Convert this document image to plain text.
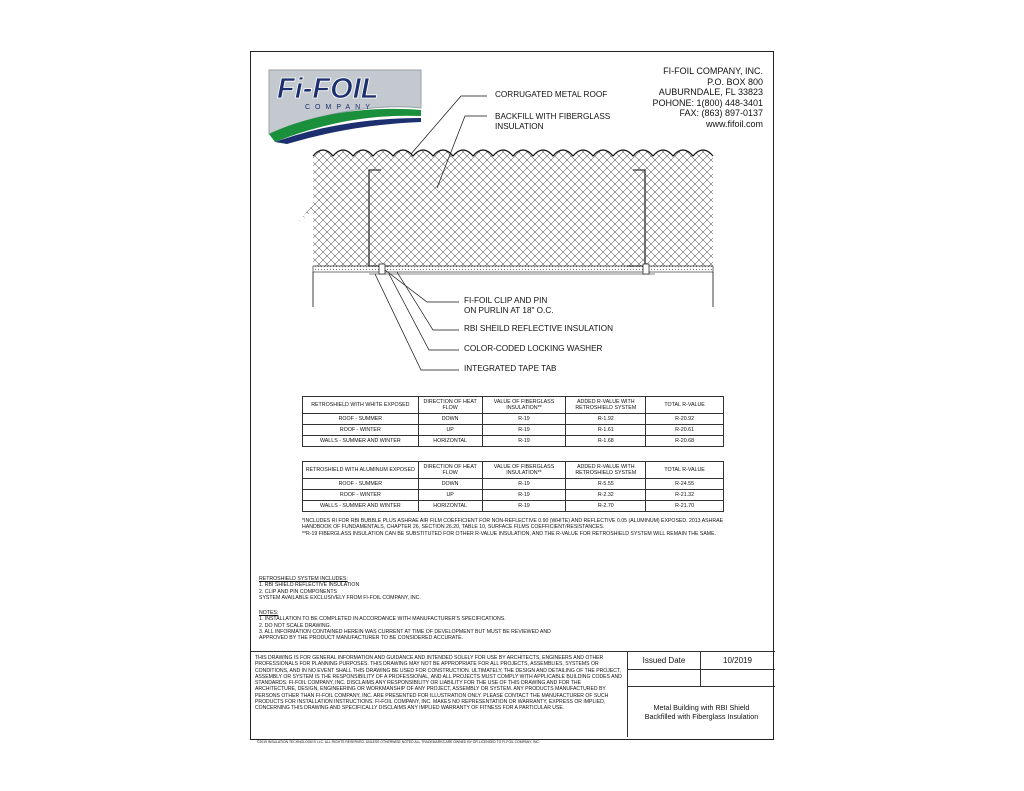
Fi-FOIL
COMPANY
FI-FOIL COMPANY, INC.
P.O. BOX 800
AUBURNDALE, FL 33823
POHONE: 1(800) 448-3401
FAX: (863) 897-0137
www.fifoil.com
CORRUGATED METAL ROOF
BACKFILL WITH FIBERGLASS
INSULATION
FI-FOIL CLIP AND PIN
ON PURLIN AT 18" O.C.
RBI SHEILD REFLECTIVE INSULATION
COLOR-CODED LOCKING WASHER
INTEGRATED TAPE TAB
RETROSHIELD WITH WHITE EXPOSED	DIRECTION OF HEAT FLOW	VALUE OF FIBERGLASS INSULATION**	ADDED R-VALUE WITH RETROSHIELD SYSTEM	TOTAL R-VALUE
ROOF - SUMMER	DOWN	R-19	R-1.92	R-20.92
ROOF - WINTER	UP	R-19	R-1.61	R-20.61
WALLS - SUMMER AND WINTER	HORIZONTAL	R-19	R-1.68	R-20.68
RETROSHIELD WITH ALUMINUM EXPOSED	DIRECTION OF HEAT FLOW	VALUE OF FIBERGLASS INSULATION**	ADDED R-VALUE WITH RETROSHIELD SYSTEM	TOTAL R-VALUE
ROOF - SUMMER	DOWN	R-19	R-5.55	R-24.55
ROOF - WINTER	UP	R-19	R-2.32	R-21.32
WALLS - SUMMER AND WINTER	HORIZONTAL	R-19	R-2.70	R-21.70
*INCLUDES RI FOR RBI BUBBLE PLUS ASHRAE AIR FILM COEFFICIENT FOR NON-REFLECTIVE 0.90 (WHITE) AND REFLECTIVE 0.05 (ALUMINUM) EXPOSED. 2013 ASHRAE HANDBOOK OF FUNDAMENTALS, CHAPTER 26, SECTION 26.20, TABLE 10, SURFACE FILMS COEFFICIENT/RESISTANCES.
**R-19 FIBERGLASS INSULATION CAN BE SUBSTITUTED FOR OTHER R-VALUE INSULATION, AND THE R-VALUE FOR RETROSHIELD SYSTEM WILL REMAIN THE SAME.
RETROSHIELD SYSTEM INCLUDES:
1. RBI SHIELD REFLECTIVE INSULATION
2. CLIP AND PIN COMPONENTS
SYSTEM AVAILABLE EXCLUSIVELY FROM FI-FOIL COMPANY, INC.
NOTES:
1. INSTALLATION TO BE COMPLETED IN ACCORDANCE WITH MANUFACTURER'S SPECIFICATIONS.
2. DO NOT SCALE DRAWING.
3. ALL INFORMATION CONTAINED HEREIN WAS CURRENT AT TIME OF DEVELOPMENT BUT MUST BE REVIEWED AND
APPROVED BY THE PRODUCT MANUFACTURER TO BE CONSIDERED ACCURATE.
THIS DRAWING IS FOR GENERAL INFORMATION AND GUIDANCE AND INTENDED SOLELY FOR USE BY ARCHITECTS, ENGINEERS AND OTHER PROFESSIONALS FOR PLANNING PURPOSES. THIS DRAWING MAY NOT BE APPROPRIATE FOR ALL PROJECTS, ASSEMBLIES, SYSTEMS OR CONDITIONS, AND IN NO EVENT SHALL THIS DRAWING BE USED FOR CONSTRUCTION. ULTIMATELY, THE DESIGN AND DETAILING OF THE PROJECT, ASSEMBLY OR SYSTEM IS THE RESPONSIBILITY OF A PROFESSIONAL, AND ALL PROJECTS MUST COMPLY WITH APPLICABLE BUILDING CODES AND STANDARDS. FI-FOIL COMPANY, INC. DISCLAIMS ANY RESPONSIBILITY OR LIABILITY FOR THE USE OF THIS DRAWING AND FOR THE ARCHITECTURE, DESIGN, ENGINEERING OR WORKMANSHIP OF ANY PROJECT, ASSEMBLY OR SYSTEM. ANY PRODUCTS MANUFACTURED BY PERSONS OTHER THAN FI-FOIL COMPANY, INC. ARE PRESENTED FOR ILLUSTRATION ONLY. PLEASE CONTACT THE MANUFACTURER OF SUCH PRODUCTS FOR INSTALLATION INSTRUCTIONS. FI-FOIL COMPANY, INC. MAKES NO REPRESENTATION OR WARRANTY, EXPRESS OR IMPLIED, CONCERNING THIS DRAWING AND SPECIFICALLY DISCLAIMS ANY IMPLIED WARRANTY OF FITNESS FOR A PARTICULAR USE.
Issued Date	10/2019
Metal Building with RBI Shield
Backfilled with Fiberglass Insulation
©2019 INSULATION TECHNOLOGIES LLC. ALL RIGHTS RESERVED. UNLESS OTHERWISE NOTED ALL TRADEMARKS ARE OWNED BY OR LICENSED TO FI-FOIL COMPANY, INC.
